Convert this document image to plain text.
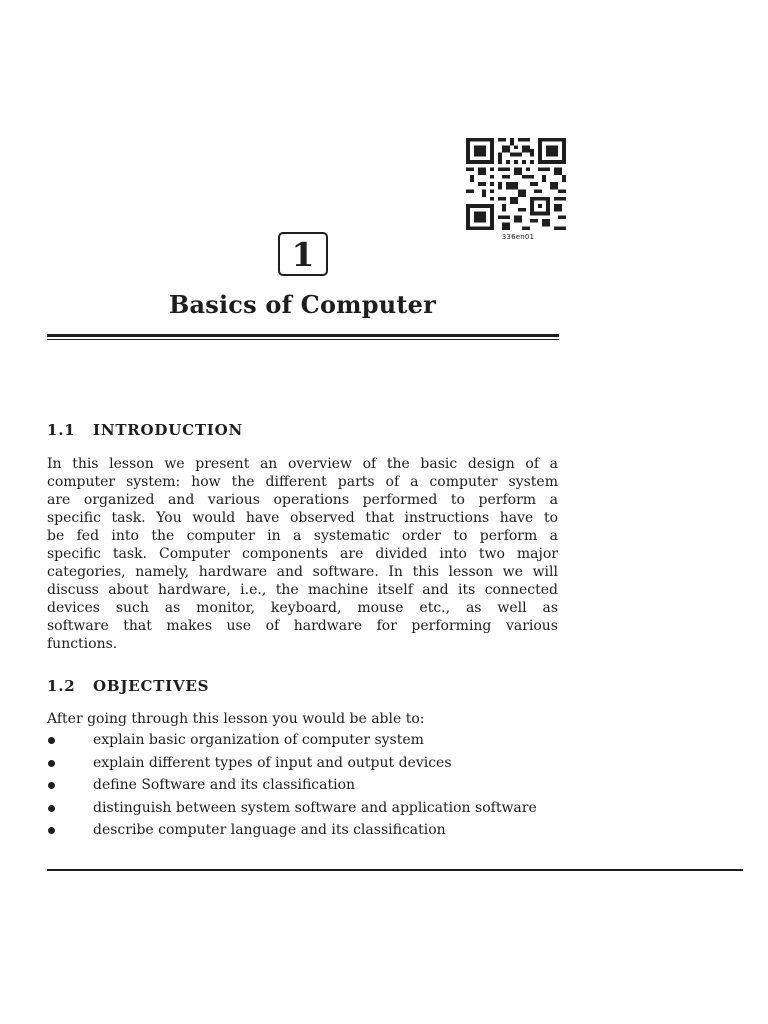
336en01
1
Basics of Computer
1.1 INTRODUCTION
In this lesson we present an overview of the basic design of a
computer system: how the different parts of a computer system
are organized and various operations performed to perform a
specific task. You would have observed that instructions have to
be fed into the computer in a systematic order to perform a
specific task. Computer components are divided into two major
categories, namely, hardware and software. In this lesson we will
discuss about hardware, i.e., the machine itself and its connected
devices such as monitor, keyboard, mouse etc., as well as
software that makes use of hardware for performing various
functions.
1.2 OBJECTIVES
After going through this lesson you would be able to:
explain basic organization of computer system
explain different types of input and output devices
define Software and its classification
distinguish between system software and application software
describe computer language and its classification
